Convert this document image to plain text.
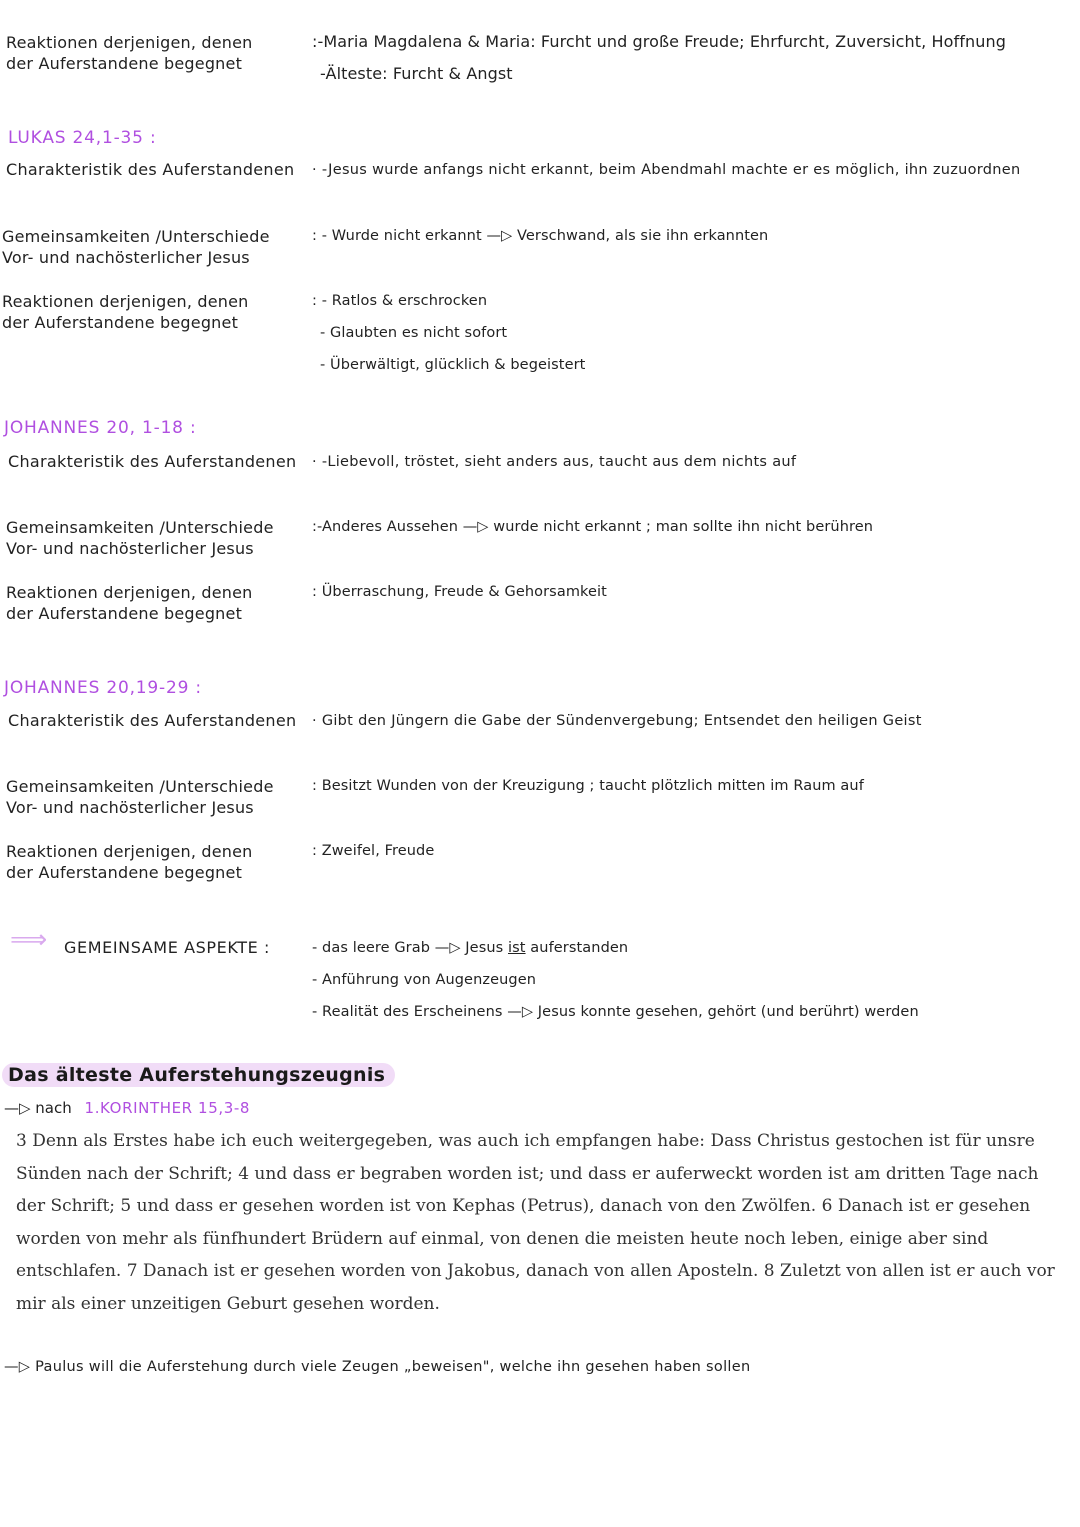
Reaktionen derjenigen, denen
der Auferstandene begegnet
:-Maria Magdalena & Maria: Furcht und große Freude; Ehrfurcht, Zuversicht, Hoffnung
-Älteste: Furcht & Angst
LUKAS 24,1-35 :
Charakteristik des Auferstandenen · -Jesus wurde anfangs nicht erkannt, beim Abendmahl machte er es möglich, ihn zuzuordnen
Gemeinsamkeiten /Unterschiede
Vor- und nachösterlicher Jesus
: - Wurde nicht erkannt —▷ Verschwand, als sie ihn erkannten
Reaktionen derjenigen, denen
der Auferstandene begegnet
: - Ratlos & erschrocken
- Glaubten es nicht sofort
- Überwältigt, glücklich & begeistert
JOHANNES 20, 1-18 :
Charakteristik des Auferstandenen · -Liebevoll, tröstet, sieht anders aus, taucht aus dem nichts auf
Gemeinsamkeiten /Unterschiede
Vor- und nachösterlicher Jesus
:-Anderes Aussehen —▷ wurde nicht erkannt ; man sollte ihn nicht berühren
Reaktionen derjenigen, denen
der Auferstandene begegnet
: Überraschung, Freude & Gehorsamkeit
JOHANNES 20,19-29 :
Charakteristik des Auferstandenen · Gibt den Jüngern die Gabe der Sündenvergebung; Entsendet den heiligen Geist
Gemeinsamkeiten /Unterschiede
Vor- und nachösterlicher Jesus
: Besitzt Wunden von der Kreuzigung ; taucht plötzlich mitten im Raum auf
Reaktionen derjenigen, denen
der Auferstandene begegnet
: Zweifel, Freude
⟹ GEMEINSAME ASPEKTE :	- das leere Grab —▷ Jesus ist auferstanden
- Anführung von Augenzeugen
- Realität des Erscheinens —▷ Jesus konnte gesehen, gehört (und berührt) werden
Das älteste Auferstehungszeugnis
—▷ nach 1.KORINTHER 15,3-8
3 Denn als Erstes habe ich euch weitergegeben, was auch ich empfangen habe: Dass Christus gestochen ist für unsre Sünden nach der Schrift; 4 und dass er begraben worden ist; und dass er auferweckt worden ist am dritten Tage nach der Schrift; 5 und dass er gesehen worden ist von Kephas (Petrus), danach von den Zwölfen. 6 Danach ist er gesehen worden von mehr als fünfhundert Brüdern auf einmal, von denen die meisten heute noch leben, einige aber sind entschlafen. 7 Danach ist er gesehen worden von Jakobus, danach von allen Aposteln. 8 Zuletzt von allen ist er auch vor mir als einer unzeitigen Geburt gesehen worden.
—▷ Paulus will die Auferstehung durch viele Zeugen „beweisen", welche ihn gesehen haben sollen
